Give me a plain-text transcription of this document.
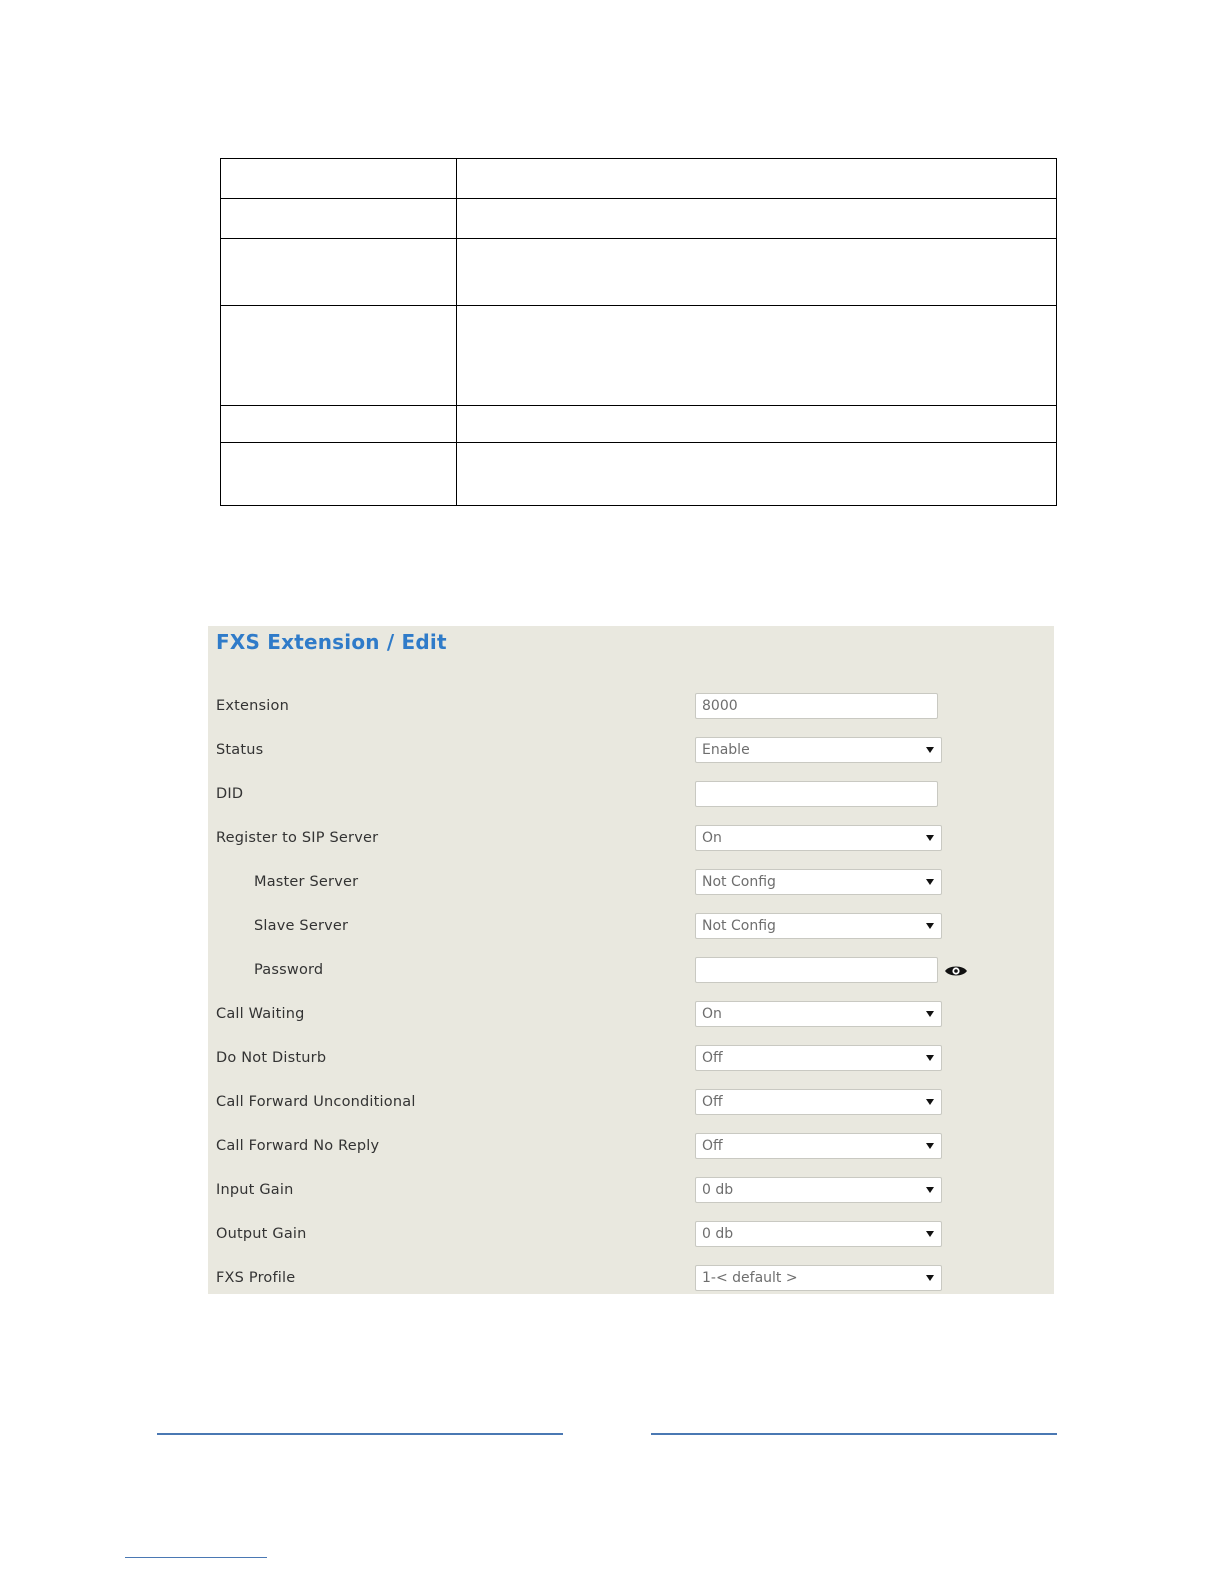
FXS Extension / Edit
Extension	8000
Status	Enable
DID
Register to SIP Server	On
Master Server	Not Config
Slave Server	Not Config
Password
Call Waiting	On
Do Not Disturb	Off
Call Forward Unconditional	Off
Call Forward No Reply	Off
Input Gain	0 db
Output Gain	0 db
FXS Profile	1-< default >
